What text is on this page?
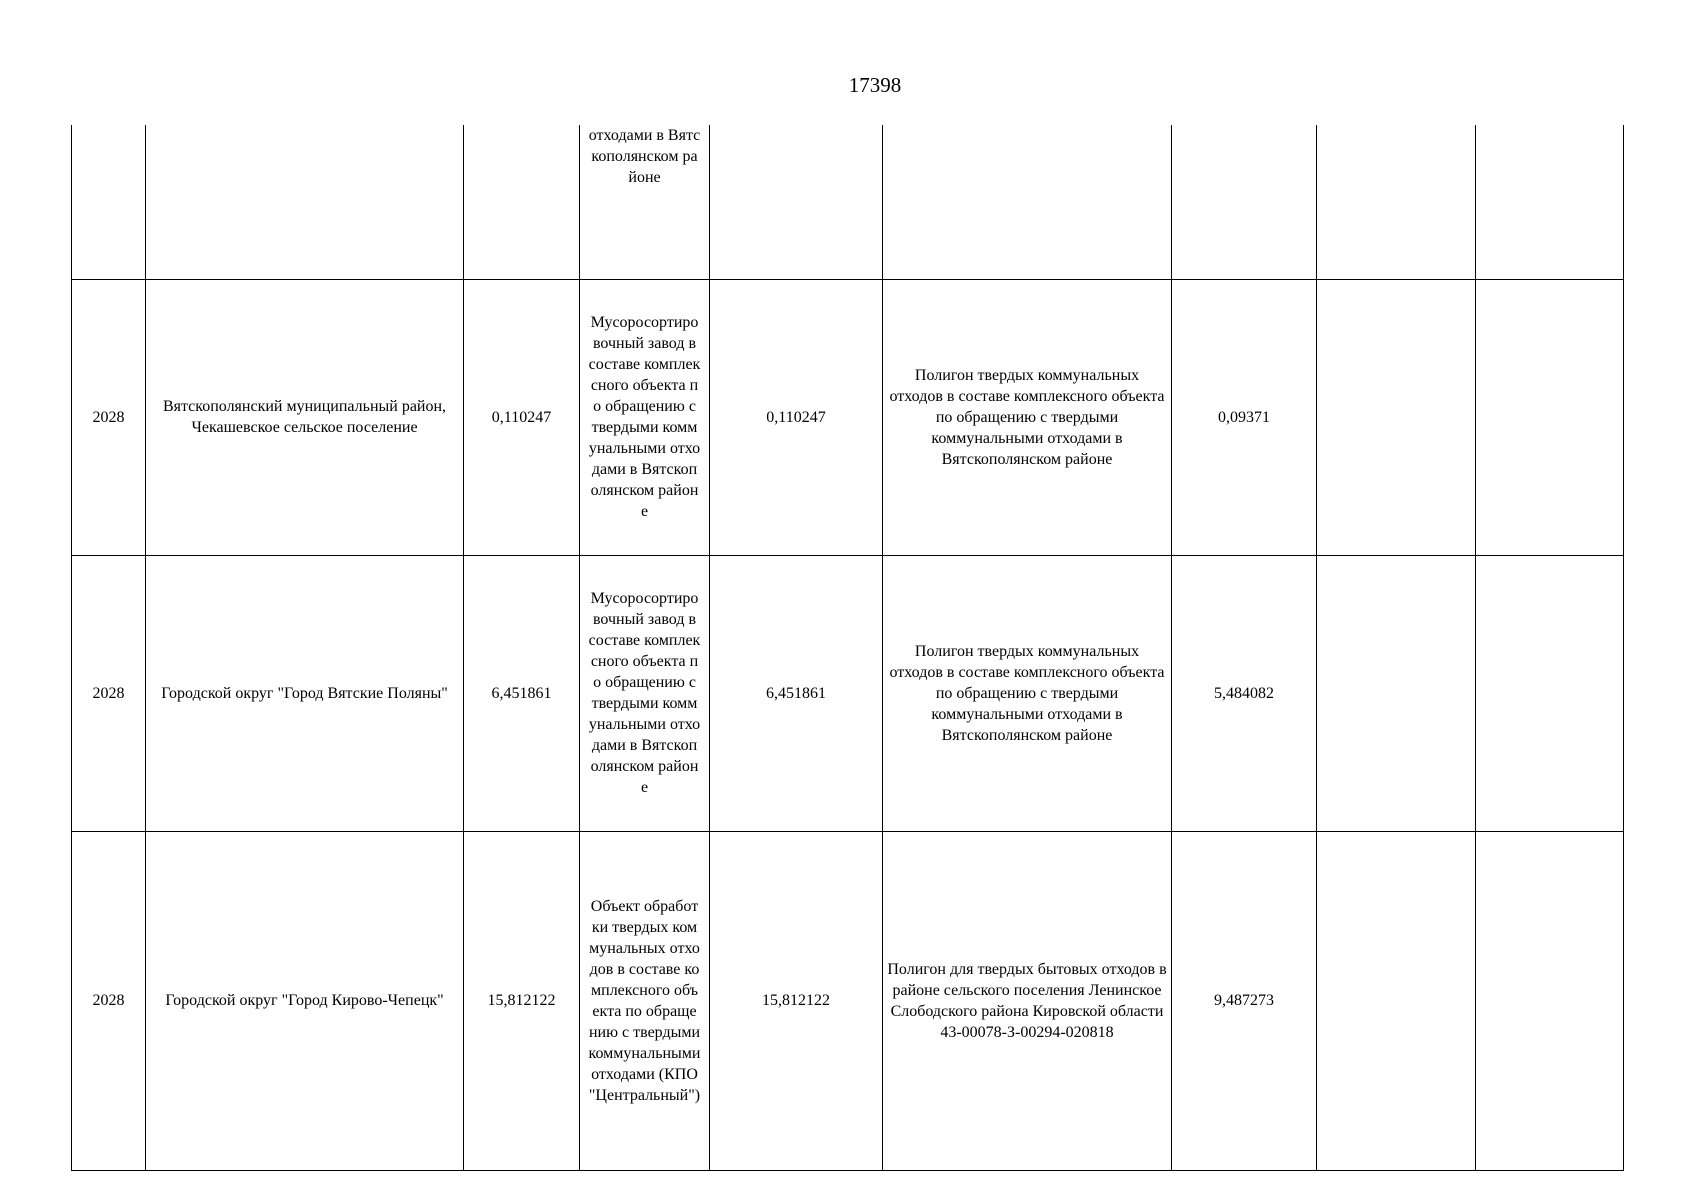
17398
			отходами в Вятскополянском районе					
2028	Вятскополянский муниципальный район, Чекашевское сельское поселение	0,110247	Мусоросортировочный завод в составе комплексного объекта по обращению с твердыми коммунальными отходами в Вятскополянском районе	0,110247	Полигон твердых коммунальных отходов в составе комплексного объекта по обращению с твердыми коммунальными отходами в Вятскополянском районе	0,09371		
2028	Городской округ "Город Вятские Поляны"	6,451861	Мусоросортировочный завод в составе комплексного объекта по обращению с твердыми коммунальными отходами в Вятскополянском районе	6,451861	Полигон твердых коммунальных отходов в составе комплексного объекта по обращению с твердыми коммунальными отходами в Вятскополянском районе	5,484082		
2028	Городской округ "Город Кирово-Чепецк"	15,812122	Объект обработки твердых коммунальных отходов в составе комплексного объекта по обращению с твердыми коммунальными отходами (КПО "Центральный")	15,812122	Полигон для твердых бытовых отходов в районе сельского поселения Ленинское Слободского района Кировской области 43-00078-З-00294-020818	9,487273		
